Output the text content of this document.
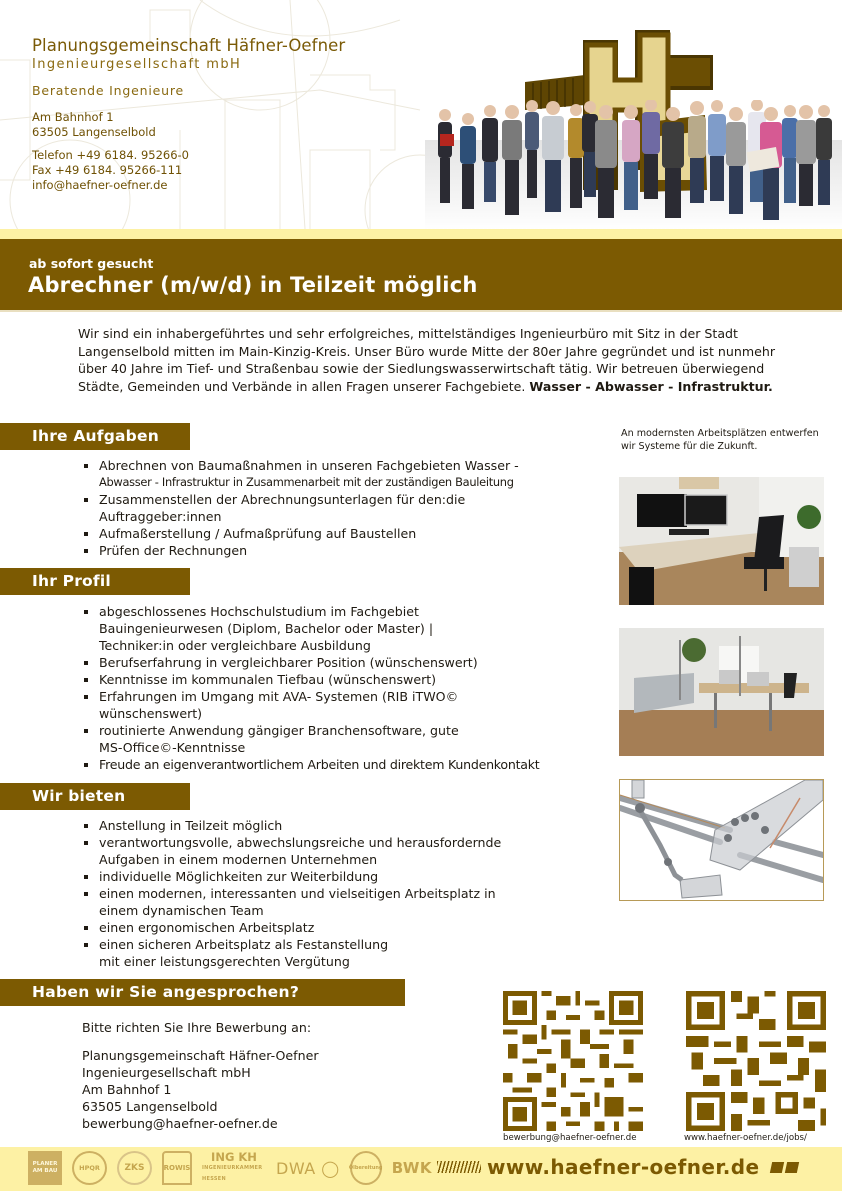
Planungsgemeinschaft Häfner-Oefner
Ingenieurgesellschaft mbH
Beratende Ingenieure
Am Bahnhof 1
63505 Langenselbold
Telefon +49 6184. 95266-0
Fax +49 6184. 95266-111
info@haefner-oefner.de
ab sofort gesucht
Abrechner (m/w/d) in Teilzeit möglich

Wir sind ein inhabergeführtes und sehr erfolgreiches, mittelständiges Ingenieurbüro mit Sitz in der Stadt Langenselbold mitten im Main-Kinzig-Kreis. Unser Büro wurde Mitte der 80er Jahre gegründet und ist nunmehr über 40 Jahre im Tief- und Straßenbau sowie der Siedlungswasserwirtschaft tätig. Wir betreuen überwiegend Städte, Gemeinden und Verbände in allen Fragen unserer Fachgebiete. Wasser - Abwasser - Infrastruktur.

Ihre Aufgaben
Abrechnen von Baumaßnahmen in unseren Fachgebieten Wasser -
Abwasser - Infrastruktur in Zusammenarbeit mit der zuständigen Bauleitung
Zusammenstellen der Abrechnungsunterlagen für den:die
Auftraggeber:innen
Aufmaßerstellung / Aufmaßprüfung auf Baustellen
Prüfen der Rechnungen
Ihr Profil
abgeschlossenes Hochschulstudium im Fachgebiet
Bauingenieurwesen (Diplom, Bachelor oder Master) |
Techniker:in oder vergleichbare Ausbildung
Berufserfahrung in vergleichbarer Position (wünschenswert)
Kenntnisse im kommunalen Tiefbau (wünschenswert)
Erfahrungen im Umgang mit AVA- Systemen (RIB iTWO©
wünschenswert)
routinierte Anwendung gängiger Branchensoftware, gute
MS-Office©-Kenntnisse
Freude an eigenverantwortlichem Arbeiten und direktem Kundenkontakt
Wir bieten
Anstellung in Teilzeit möglich
verantwortungsvolle, abwechslungsreiche und herausfordernde
Aufgaben in einem modernen Unternehmen
individuelle Möglichkeiten zur Weiterbildung
einen modernen, interessanten und vielseitigen Arbeitsplatz in
einem dynamischen Team
einen ergonomischen Arbeitsplatz
einen sicheren Arbeitsplatz als Festanstellung
mit einer leistungsgerechten Vergütung
An modernsten Arbeitsplätzen entwerfen wir Systeme für die Zukunft.
Haben wir Sie angesprochen?
Bitte richten Sie Ihre Bewerbung an:
Planungsgemeinschaft Häfner-Oefner
Ingenieurgesellschaft mbH
Am Bahnhof 1
63505 Langenselbold
bewerbung@haefner-oefner.de
bewerbung@haefner-oefner.de	www.haefner-oefner.de/jobs/
PLANER AM BAU	HPQR	ZKS	ROWIS
ING KH
INGENIEURKAMMER HESSEN
DWA ◯ Ölbereitung BWK	www.haefner-oefner.de
